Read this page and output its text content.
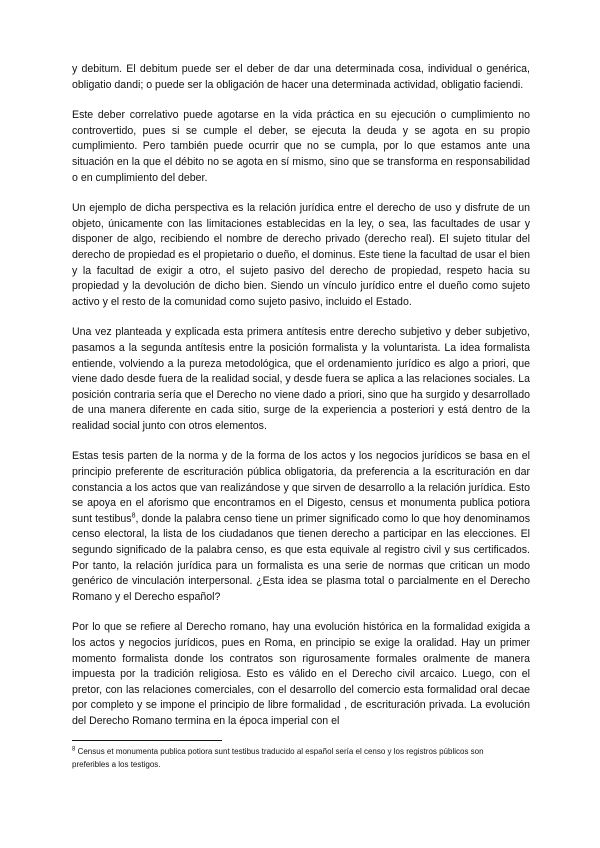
y debitum. El debitum puede ser el deber de dar una determinada cosa, individual o genérica, obligatio dandi; o puede ser la obligación de hacer una determinada actividad, obligatio faciendi.

Este deber correlativo puede agotarse en la vida práctica en su ejecución o cumplimiento no controvertido, pues si se cumple el deber, se ejecuta la deuda y se agota en su propio cumplimiento. Pero también puede ocurrir que no se cumpla, por lo que estamos ante una situación en la que el débito no se agota en sí mismo, sino que se transforma en responsabilidad o en cumplimiento del deber.

Un ejemplo de dicha perspectiva es la relación jurídica entre el derecho de uso y disfrute de un objeto, únicamente con las limitaciones establecidas en la ley, o sea, las facultades de usar y disponer de algo, recibiendo el nombre de derecho privado (derecho real). El sujeto titular del derecho de propiedad es el propietario o dueño, el dominus. Este tiene la facultad de usar el bien y la facultad de exigir a otro, el sujeto pasivo del derecho de propiedad, respeto hacia su propiedad y la devolución de dicho bien. Siendo un vínculo jurídico entre el dueño como sujeto activo y el resto de la comunidad como sujeto pasivo, incluido el Estado.

Una vez planteada y explicada esta primera antítesis entre derecho subjetivo y deber subjetivo, pasamos a la segunda antítesis entre la posición formalista y la voluntarista. La idea formalista entiende, volviendo a la pureza metodológica, que el ordenamiento jurídico es algo a priori, que viene dado desde fuera de la realidad social, y desde fuera se aplica a las relaciones sociales. La posición contraria sería que el Derecho no viene dado a priori, sino que ha surgido y desarrollado de una manera diferente en cada sitio, surge de la experiencia a posteriori y está dentro de la realidad social junto con otros elementos.

Estas tesis parten de la norma y de la forma de los actos y los negocios jurídicos se basa en el principio preferente de escrituración pública obligatoria, da preferencia a la escrituración en dar constancia a los actos que van realizándose y que sirven de desarrollo a la relación jurídica. Esto se apoya en el aforismo que encontramos en el Digesto, census et monumenta publica potiora sunt testibus$^8$, donde la palabra censo tiene un primer significado como lo que hoy denominamos censo electoral, la lista de los ciudadanos que tienen derecho a participar en las elecciones. El segundo significado de la palabra censo, es que esta equivale al registro civil y sus certificados. Por tanto, la relación jurídica para un formalista es una serie de normas que critican un modo genérico de vinculación interpersonal. ¿Esta idea se plasma total o parcialmente en el Derecho Romano y el Derecho español?

Por lo que se refiere al Derecho romano, hay una evolución histórica en la formalidad exigida a los actos y negocios jurídicos, pues en Roma, en principio se exige la oralidad. Hay un primer momento formalista donde los contratos son rigurosamente formales oralmente de manera impuesta por la tradición religiosa. Esto es válido en el Derecho civil arcaico. Luego, con el pretor, con las relaciones comerciales, con el desarrollo del comercio esta formalidad oral decae por completo y se impone el principio de libre formalidad , de escrituración privada. La evolución del Derecho Romano termina en la época imperial con el

$^8$ Census et monumenta publica potiora sunt testibus traducido al español sería el censo y los registros públicos son preferibles a los testigos.
